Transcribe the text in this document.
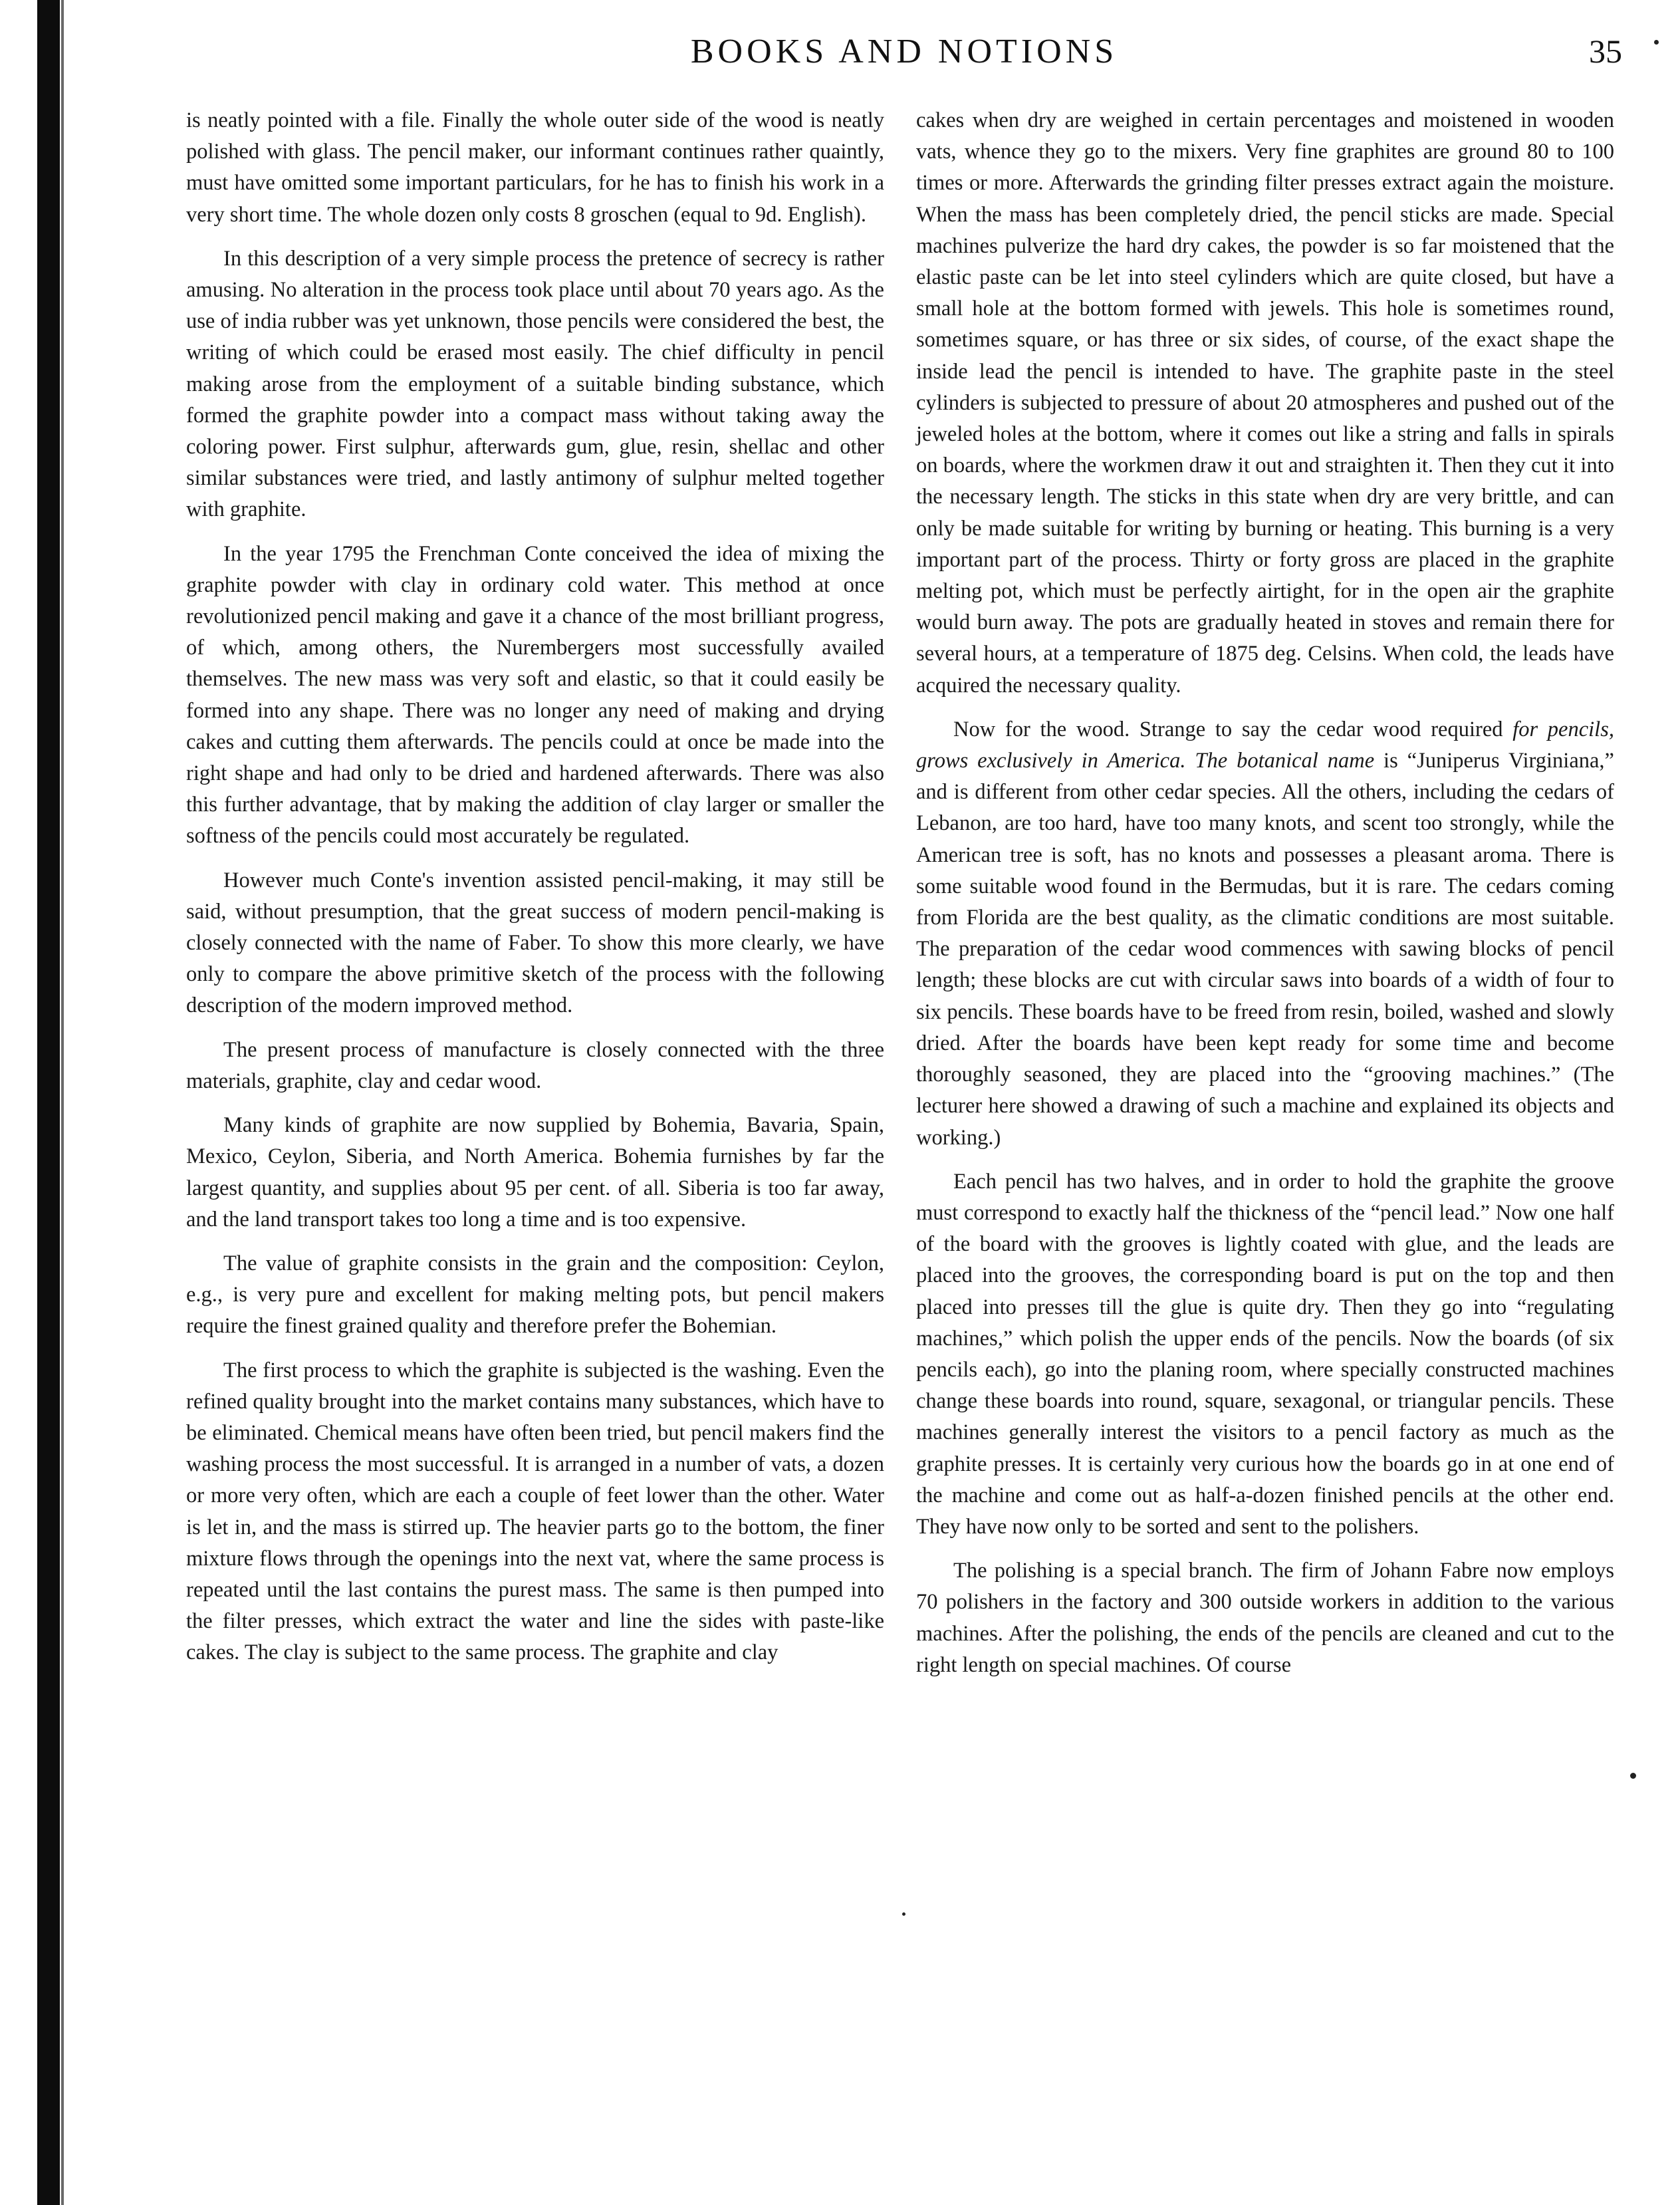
BOOKS AND NOTIONS	35

is neatly pointed with a file. Finally the whole outer side of the wood is neatly polished with glass. The pencil maker, our informant continues rather quaintly, must have omitted some important particulars, for he has to finish his work in a very short time. The whole dozen only costs 8 groschen (equal to 9d. English).

In this description of a very simple process the pretence of secrecy is rather amusing. No alteration in the process took place until about 70 years ago. As the use of india rubber was yet unknown, those pencils were considered the best, the writing of which could be erased most easily. The chief difficulty in pencil making arose from the employment of a suitable binding substance, which formed the graphite powder into a compact mass without taking away the coloring power. First sulphur, afterwards gum, glue, resin, shellac and other similar substances were tried, and lastly antimony of sulphur melted together with graphite.

In the year 1795 the Frenchman Conte conceived the idea of mixing the graphite powder with clay in ordinary cold water. This method at once revolutionized pencil making and gave it a chance of the most brilliant progress, of which, among others, the Nurembergers most successfully availed themselves. The new mass was very soft and elastic, so that it could easily be formed into any shape. There was no longer any need of making and drying cakes and cutting them afterwards. The pencils could at once be made into the right shape and had only to be dried and hardened afterwards. There was also this further advantage, that by making the addition of clay larger or smaller the softness of the pencils could most accurately be regulated.

However much Conte's invention assisted pencil-making, it may still be said, without presumption, that the great success of modern pencil-making is closely connected with the name of Faber. To show this more clearly, we have only to compare the above primitive sketch of the process with the following description of the modern improved method.

The present process of manufacture is closely connected with the three materials, graphite, clay and cedar wood.

Many kinds of graphite are now supplied by Bohemia, Bavaria, Spain, Mexico, Ceylon, Siberia, and North America. Bohemia furnishes by far the largest quantity, and supplies about 95 per cent. of all. Siberia is too far away, and the land transport takes too long a time and is too expensive.

The value of graphite consists in the grain and the composition: Ceylon, e.g., is very pure and excellent for making melting pots, but pencil makers require the finest grained quality and therefore prefer the Bohemian.

The first process to which the graphite is subjected is the washing. Even the refined quality brought into the market contains many substances, which have to be eliminated. Chemical means have often been tried, but pencil makers find the washing process the most successful. It is arranged in a number of vats, a dozen or more very often, which are each a couple of feet lower than the other. Water is let in, and the mass is stirred up. The heavier parts go to the bottom, the finer mixture flows through the openings into the next vat, where the same process is repeated until the last contains the purest mass. The same is then pumped into the filter presses, which extract the water and line the sides with paste-like cakes. The clay is subject to the same process. The graphite and clay

cakes when dry are weighed in certain percentages and moistened in wooden vats, whence they go to the mixers. Very fine graphites are ground 80 to 100 times or more. Afterwards the grinding filter presses extract again the moisture. When the mass has been completely dried, the pencil sticks are made. Special machines pulverize the hard dry cakes, the powder is so far moistened that the elastic paste can be let into steel cylinders which are quite closed, but have a small hole at the bottom formed with jewels. This hole is sometimes round, sometimes square, or has three or six sides, of course, of the exact shape the inside lead the pencil is intended to have. The graphite paste in the steel cylinders is subjected to pressure of about 20 atmospheres and pushed out of the jeweled holes at the bottom, where it comes out like a string and falls in spirals on boards, where the workmen draw it out and straighten it. Then they cut it into the necessary length. The sticks in this state when dry are very brittle, and can only be made suitable for writing by burning or heating. This burning is a very important part of the process. Thirty or forty gross are placed in the graphite melting pot, which must be perfectly airtight, for in the open air the graphite would burn away. The pots are gradually heated in stoves and remain there for several hours, at a temperature of 1875 deg. Celsins. When cold, the leads have acquired the necessary quality.

Now for the wood. Strange to say the cedar wood required for pencils, grows exclusively in America. The botanical name is “Juniperus Virginiana,” and is different from other cedar species. All the others, including the cedars of Lebanon, are too hard, have too many knots, and scent too strongly, while the American tree is soft, has no knots and possesses a pleasant aroma. There is some suitable wood found in the Bermudas, but it is rare. The cedars coming from Florida are the best quality, as the climatic conditions are most suitable. The preparation of the cedar wood commences with sawing blocks of pencil length; these blocks are cut with circular saws into boards of a width of four to six pencils. These boards have to be freed from resin, boiled, washed and slowly dried. After the boards have been kept ready for some time and become thoroughly seasoned, they are placed into the “grooving machines.” (The lecturer here showed a drawing of such a machine and explained its objects and working.)

Each pencil has two halves, and in order to hold the graphite the groove must correspond to exactly half the thickness of the “pencil lead.” Now one half of the board with the grooves is lightly coated with glue, and the leads are placed into the grooves, the corresponding board is put on the top and then placed into presses till the glue is quite dry. Then they go into “regulating machines,” which polish the upper ends of the pencils. Now the boards (of six pencils each), go into the planing room, where specially constructed machines change these boards into round, square, sexagonal, or triangular pencils. These machines generally interest the visitors to a pencil factory as much as the graphite presses. It is certainly very curious how the boards go in at one end of the machine and come out as half-a-dozen finished pencils at the other end. They have now only to be sorted and sent to the polishers.

The polishing is a special branch. The firm of Johann Fabre now employs 70 polishers in the factory and 300 outside workers in addition to the various machines. After the polishing, the ends of the pencils are cleaned and cut to the right length on special machines. Of course
